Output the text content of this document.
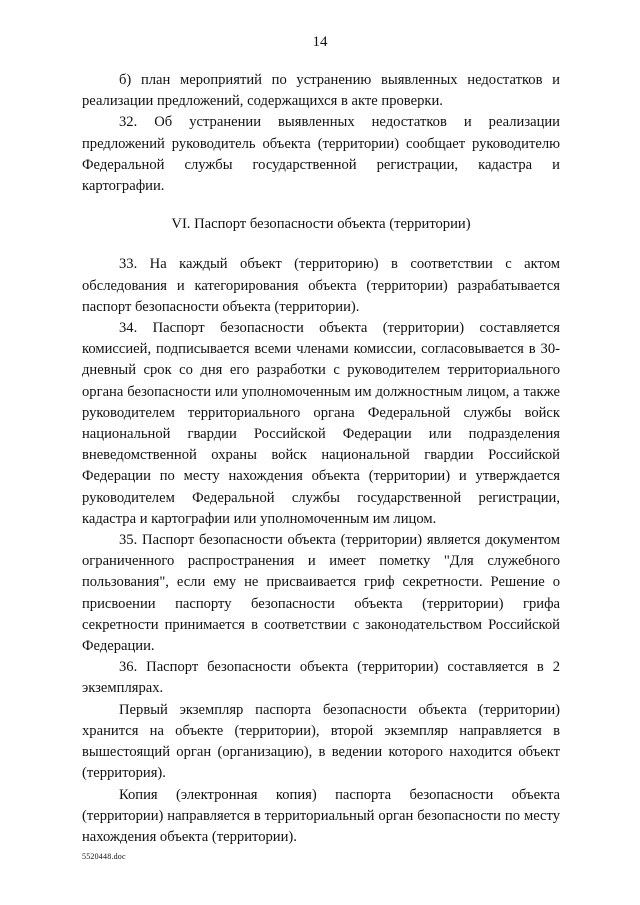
14

б) план мероприятий по устранению выявленных недостатков и реализации предложений, содержащихся в акте проверки.

32. Об устранении выявленных недостатков и реализации предложений руководитель объекта (территории) сообщает руководителю Федеральной службы государственной регистрации, кадастра и картографии.

VI. Паспорт безопасности объекта (территории)

33. На каждый объект (территорию) в соответствии с актом обследования и категорирования объекта (территории) разрабатывается паспорт безопасности объекта (территории).

34. Паспорт безопасности объекта (территории) составляется комиссией, подписывается всеми членами комиссии, согласовывается в 30-дневный срок со дня его разработки с руководителем территориального органа безопасности или уполномоченным им должностным лицом, а также руководителем территориального органа Федеральной службы войск национальной гвардии Российской Федерации или подразделения вневедомственной охраны войск национальной гвардии Российской Федерации по месту нахождения объекта (территории) и утверждается руководителем Федеральной службы государственной регистрации, кадастра и картографии или уполномоченным им лицом.

35. Паспорт безопасности объекта (территории) является документом ограниченного распространения и имеет пометку "Для служебного пользования", если ему не присваивается гриф секретности. Решение о присвоении паспорту безопасности объекта (территории) грифа секретности принимается в соответствии с законодательством Российской Федерации.

36. Паспорт безопасности объекта (территории) составляется в 2 экземплярах.

Первый экземпляр паспорта безопасности объекта (территории) хранится на объекте (территории), второй экземпляр направляется в вышестоящий орган (организацию), в ведении которого находится объект (территория).

Копия (электронная копия) паспорта безопасности объекта (территории) направляется в территориальный орган безопасности по месту нахождения объекта (территории).

5520448.doc
